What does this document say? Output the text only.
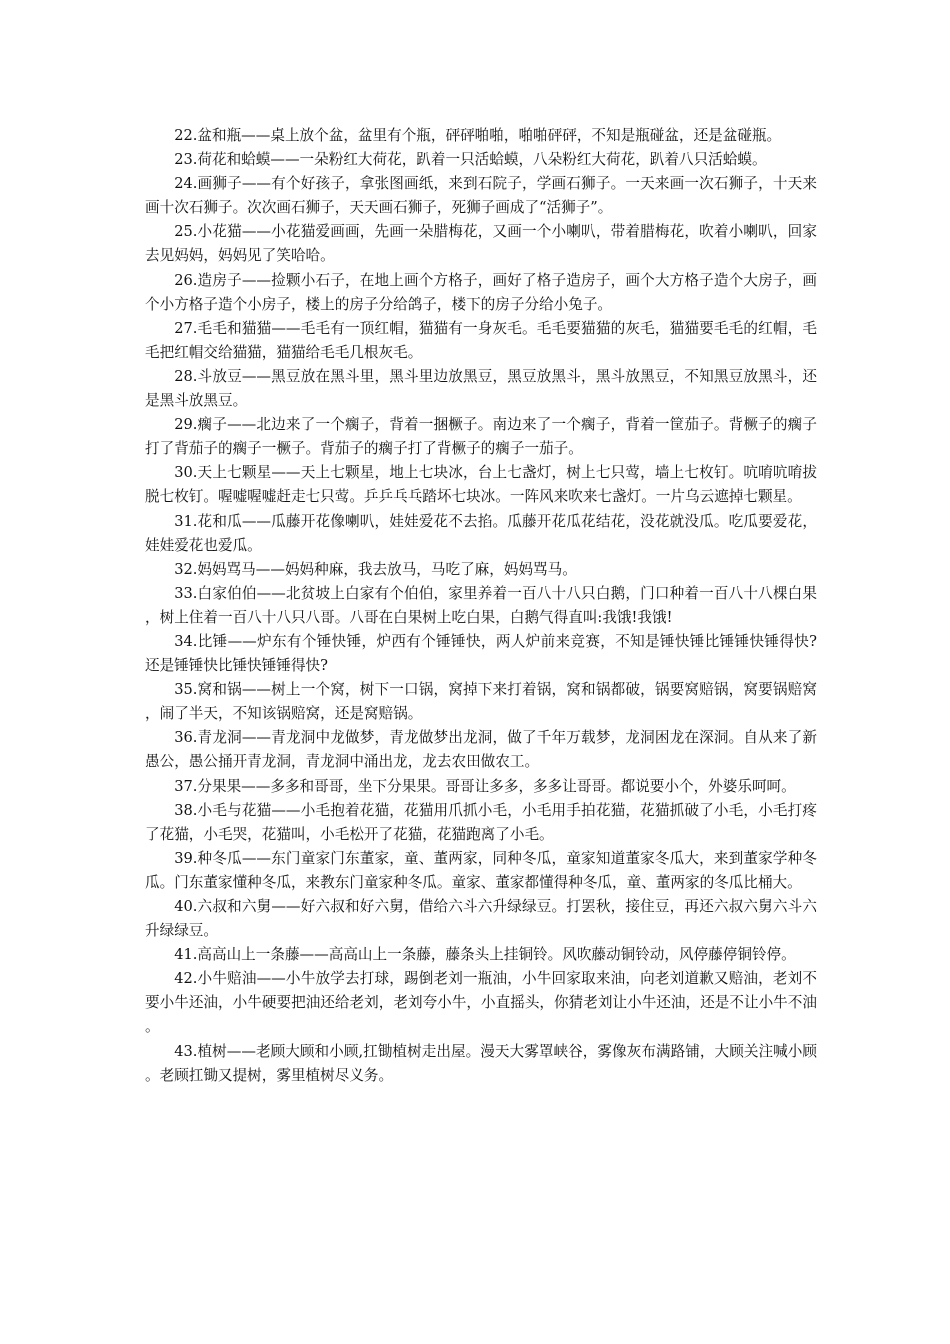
22.盆和瓶——桌上放个盆，盆里有个瓶，砰砰啪啪，啪啪砰砰，不知是瓶碰盆，还是盆碰瓶。

23.荷花和蛤蟆——一朵粉红大荷花，趴着一只活蛤蟆，八朵粉红大荷花，趴着八只活蛤蟆。

24.画狮子——有个好孩子，拿张图画纸，来到石院子，学画石狮子。一天来画一次石狮子，十天来画十次石狮子。次次画石狮子，天天画石狮子，死狮子画成了“活狮子”。

25.小花猫——小花猫爱画画，先画一朵腊梅花，又画一个小喇叭，带着腊梅花，吹着小喇叭，回家去见妈妈，妈妈见了笑哈哈。

26.造房子——捡颗小石子，在地上画个方格子，画好了格子造房子，画个大方格子造个大房子，画个小方格子造个小房子，楼上的房子分给鸽子，楼下的房子分给小兔子。

27.毛毛和猫猫——毛毛有一顶红帽，猫猫有一身灰毛。毛毛要猫猫的灰毛，猫猫要毛毛的红帽，毛毛把红帽交给猫猫，猫猫给毛毛几根灰毛。

28.斗放豆——黑豆放在黑斗里，黑斗里边放黑豆，黑豆放黑斗，黑斗放黑豆，不知黑豆放黑斗，还是黑斗放黑豆。

29.瘸子——北边来了一个瘸子，背着一捆橛子。南边来了一个瘸子，背着一筐茄子。背橛子的瘸子打了背茄子的瘸子一橛子。背茄子的瘸子打了背橛子的瘸子一茄子。

30.天上七颗星——天上七颗星，地上七块冰，台上七盏灯，树上七只莺，墙上七枚钉。吭唷吭唷拔脱七枚钉。喔嘘喔嘘赶走七只莺。乒乒乓乓踏坏七块冰。一阵风来吹来七盏灯。一片乌云遮掉七颗星。

31.花和瓜——瓜藤开花像喇叭，娃娃爱花不去掐。瓜藤开花瓜花结花，没花就没瓜。吃瓜要爱花，娃娃爱花也爱瓜。

32.妈妈骂马——妈妈种麻，我去放马，马吃了麻，妈妈骂马。

33.白家伯伯——北贫坡上白家有个伯伯，家里养着一百八十八只白鹅，门口种着一百八十八棵白果，树上住着一百八十八只八哥。八哥在白果树上吃白果，白鹅气得直叫:我饿!我饿!

34.比锤——炉东有个锤快锤，炉西有个锤锤快，两人炉前来竞赛，不知是锤快锤比锤锤快锤得快?还是锤锤快比锤快锤锤得快?

35.窝和锅——树上一个窝，树下一口锅，窝掉下来打着锅，窝和锅都破，锅要窝赔锅，窝要锅赔窝，闹了半天，不知该锅赔窝，还是窝赔锅。

36.青龙洞——青龙洞中龙做梦，青龙做梦出龙洞，做了千年万载梦，龙洞困龙在深洞。自从来了新愚公，愚公捅开青龙洞，青龙洞中涌出龙，龙去农田做农工。

37.分果果——多多和哥哥，坐下分果果。哥哥让多多，多多让哥哥。都说要小个，外婆乐呵呵。

38.小毛与花猫——小毛抱着花猫，花猫用爪抓小毛，小毛用手拍花猫，花猫抓破了小毛，小毛打疼了花猫，小毛哭，花猫叫，小毛松开了花猫，花猫跑离了小毛。

39.种冬瓜——东门童家门东董家，童、董两家，同种冬瓜，童家知道董家冬瓜大，来到董家学种冬瓜。门东董家懂种冬瓜，来教东门童家种冬瓜。童家、董家都懂得种冬瓜，童、董两家的冬瓜比桶大。

40.六叔和六舅——好六叔和好六舅，借给六斗六升绿绿豆。打罢秋，接住豆，再还六叔六舅六斗六升绿绿豆。

41.高高山上一条藤——高高山上一条藤，藤条头上挂铜铃。风吹藤动铜铃动，风停藤停铜铃停。

42.小牛赔油——小牛放学去打球，踢倒老刘一瓶油，小牛回家取来油，向老刘道歉又赔油，老刘不要小牛还油，小牛硬要把油还给老刘，老刘夸小牛，小直摇头，你猜老刘让小牛还油，还是不让小牛不油。

43.植树——老顾大顾和小顾,扛锄植树走出屋。漫天大雾罩峡谷，雾像灰布满路铺，大顾关注喊小顾。老顾扛锄又提树，雾里植树尽义务。
